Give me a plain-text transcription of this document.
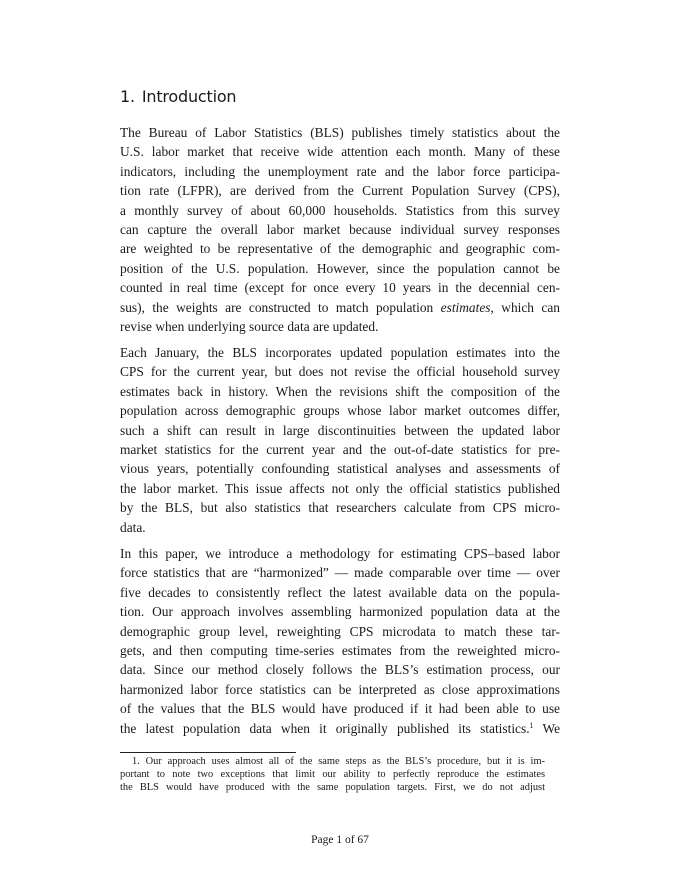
1. Introduction
The Bureau of Labor Statistics (BLS) publishes timely statistics about the
U.S. labor market that receive wide attention each month. Many of these
indicators, including the unemployment rate and the labor force participa-
tion rate (LFPR), are derived from the Current Population Survey (CPS),
a monthly survey of about 60,000 households. Statistics from this survey
can capture the overall labor market because individual survey responses
are weighted to be representative of the demographic and geographic com-
position of the U.S. population. However, since the population cannot be
counted in real time (except for once every 10 years in the decennial cen-
sus), the weights are constructed to match population estimates, which can
revise when underlying source data are updated.
Each January, the BLS incorporates updated population estimates into the
CPS for the current year, but does not revise the official household survey
estimates back in history. When the revisions shift the composition of the
population across demographic groups whose labor market outcomes differ,
such a shift can result in large discontinuities between the updated labor
market statistics for the current year and the out-of-date statistics for pre-
vious years, potentially confounding statistical analyses and assessments of
the labor market. This issue affects not only the official statistics published
by the BLS, but also statistics that researchers calculate from CPS micro-
data.
In this paper, we introduce a methodology for estimating CPS–based labor
force statistics that are “harmonized” — made comparable over time — over
five decades to consistently reflect the latest available data on the popula-
tion. Our approach involves assembling harmonized population data at the
demographic group level, reweighting CPS microdata to match these tar-
gets, and then computing time-series estimates from the reweighted micro-
data. Since our method closely follows the BLS’s estimation process, our
harmonized labor force statistics can be interpreted as close approximations
of the values that the BLS would have produced if it had been able to use
the latest population data when it originally published its statistics.$^1$ We
1. Our approach uses almost all of the same steps as the BLS’s procedure, but it is im-
portant to note two exceptions that limit our ability to perfectly reproduce the estimates
the BLS would have produced with the same population targets. First, we do not adjust
Page 1 of 67
